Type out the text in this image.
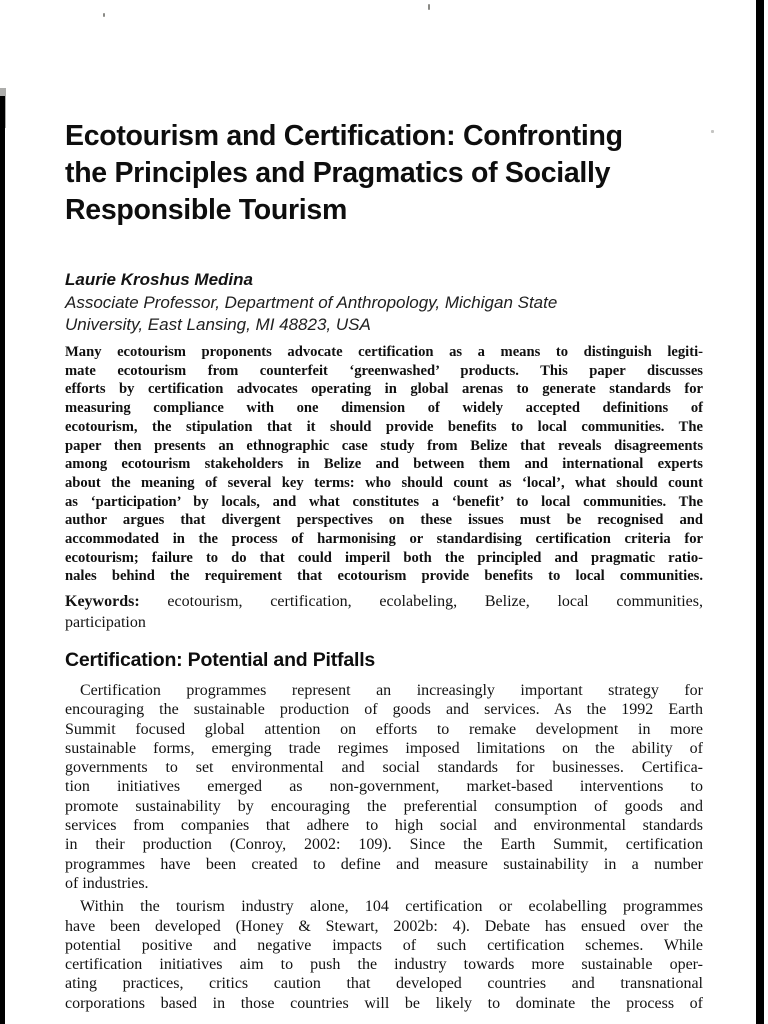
Ecotourism and Certification: Confronting
the Principles and Pragmatics of Socially
Responsible Tourism
Laurie Kroshus Medina
Associate Professor, Department of Anthropology, Michigan State
University, East Lansing, MI 48823, USA
Many ecotourism proponents advocate certification as a means to distinguish legiti-
mate ecotourism from counterfeit ‘greenwashed’ products. This paper discusses
efforts by certification advocates operating in global arenas to generate standards for
measuring compliance with one dimension of widely accepted definitions of
ecotourism, the stipulation that it should provide benefits to local communities. The
paper then presents an ethnographic case study from Belize that reveals disagreements
among ecotourism stakeholders in Belize and between them and international experts
about the meaning of several key terms: who should count as ‘local’, what should count
as ‘participation’ by locals, and what constitutes a ‘benefit’ to local communities. The
author argues that divergent perspectives on these issues must be recognised and
accommodated in the process of harmonising or standardising certification criteria for
ecotourism; failure to do that could imperil both the principled and pragmatic ratio-
nales behind the requirement that ecotourism provide benefits to local communities.
Keywords: ecotourism, certification, ecolabeling, Belize, local communities,
participation
Certification: Potential and Pitfalls
Certification programmes represent an increasingly important strategy for
encouraging the sustainable production of goods and services. As the 1992 Earth
Summit focused global attention on efforts to remake development in more
sustainable forms, emerging trade regimes imposed limitations on the ability of
governments to set environmental and social standards for businesses. Certifica-
tion initiatives emerged as non-government, market-based interventions to
promote sustainability by encouraging the preferential consumption of goods and
services from companies that adhere to high social and environmental standards
in their production (Conroy, 2002: 109). Since the Earth Summit, certification
programmes have been created to define and measure sustainability in a number
of industries.
Within the tourism industry alone, 104 certification or ecolabelling programmes
have been developed (Honey & Stewart, 2002b: 4). Debate has ensued over the
potential positive and negative impacts of such certification schemes. While
certification initiatives aim to push the industry towards more sustainable oper-
ating practices, critics caution that developed countries and transnational
corporations based in those countries will be likely to dominate the process of
